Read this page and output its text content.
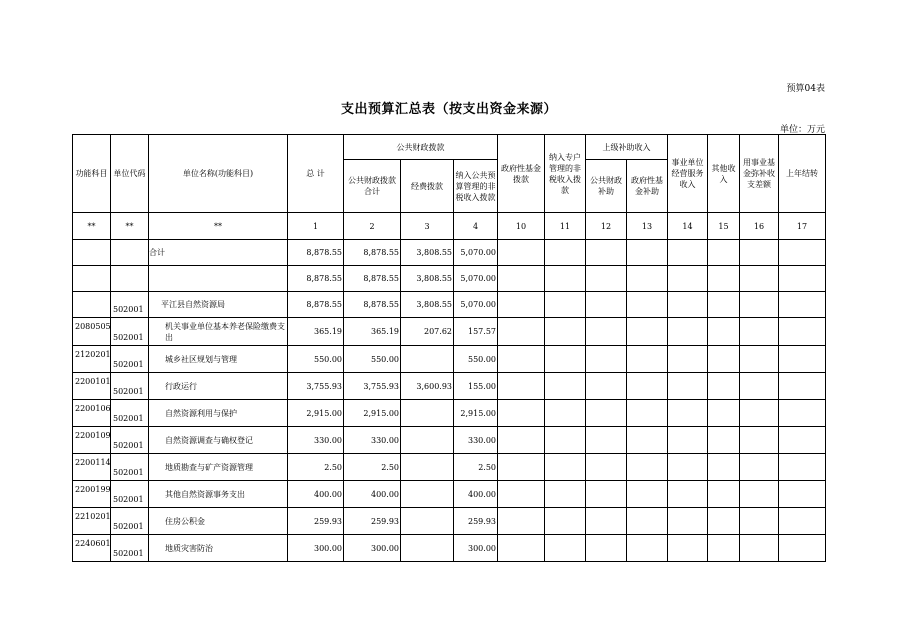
预算04表
支出预算汇总表（按支出资金来源）
单位：万元
功能科目	单位代码	单位名称(功能科目)	总 计	公共财政拨款			政府性基金拨款	纳入专户管理的非税收入拨款	上级补助收入		事业单位经营服务收入	其他收入	用事业基金弥补收支差额	上年结转
				公共财政拨款合计	经费拨款	纳入公共预算管理的非税收入拨款			公共财政补助	政府性基金补助				
**	**	**	1	2	3	4	10	11	12	13	14	15	16	17
		合计	8,878.55	8,878.55	3,808.55	5,070.00								
			8,878.55	8,878.55	3,808.55	5,070.00								
	502001	平江县自然资源局	8,878.55	8,878.55	3,808.55	5,070.00								
2080505	502001	机关事业单位基本养老保险缴费支出	365.19	365.19	207.62	157.57								
2120201	502001	城乡社区规划与管理	550.00	550.00		550.00								
2200101	502001	行政运行	3,755.93	3,755.93	3,600.93	155.00								
2200106	502001	自然资源利用与保护	2,915.00	2,915.00		2,915.00								
2200109	502001	自然资源调查与确权登记	330.00	330.00		330.00								
2200114	502001	地质勘查与矿产资源管理	2.50	2.50		2.50								
2200199	502001	其他自然资源事务支出	400.00	400.00		400.00								
2210201	502001	住房公积金	259.93	259.93		259.93								
2240601	502001	地质灾害防治	300.00	300.00		300.00								
